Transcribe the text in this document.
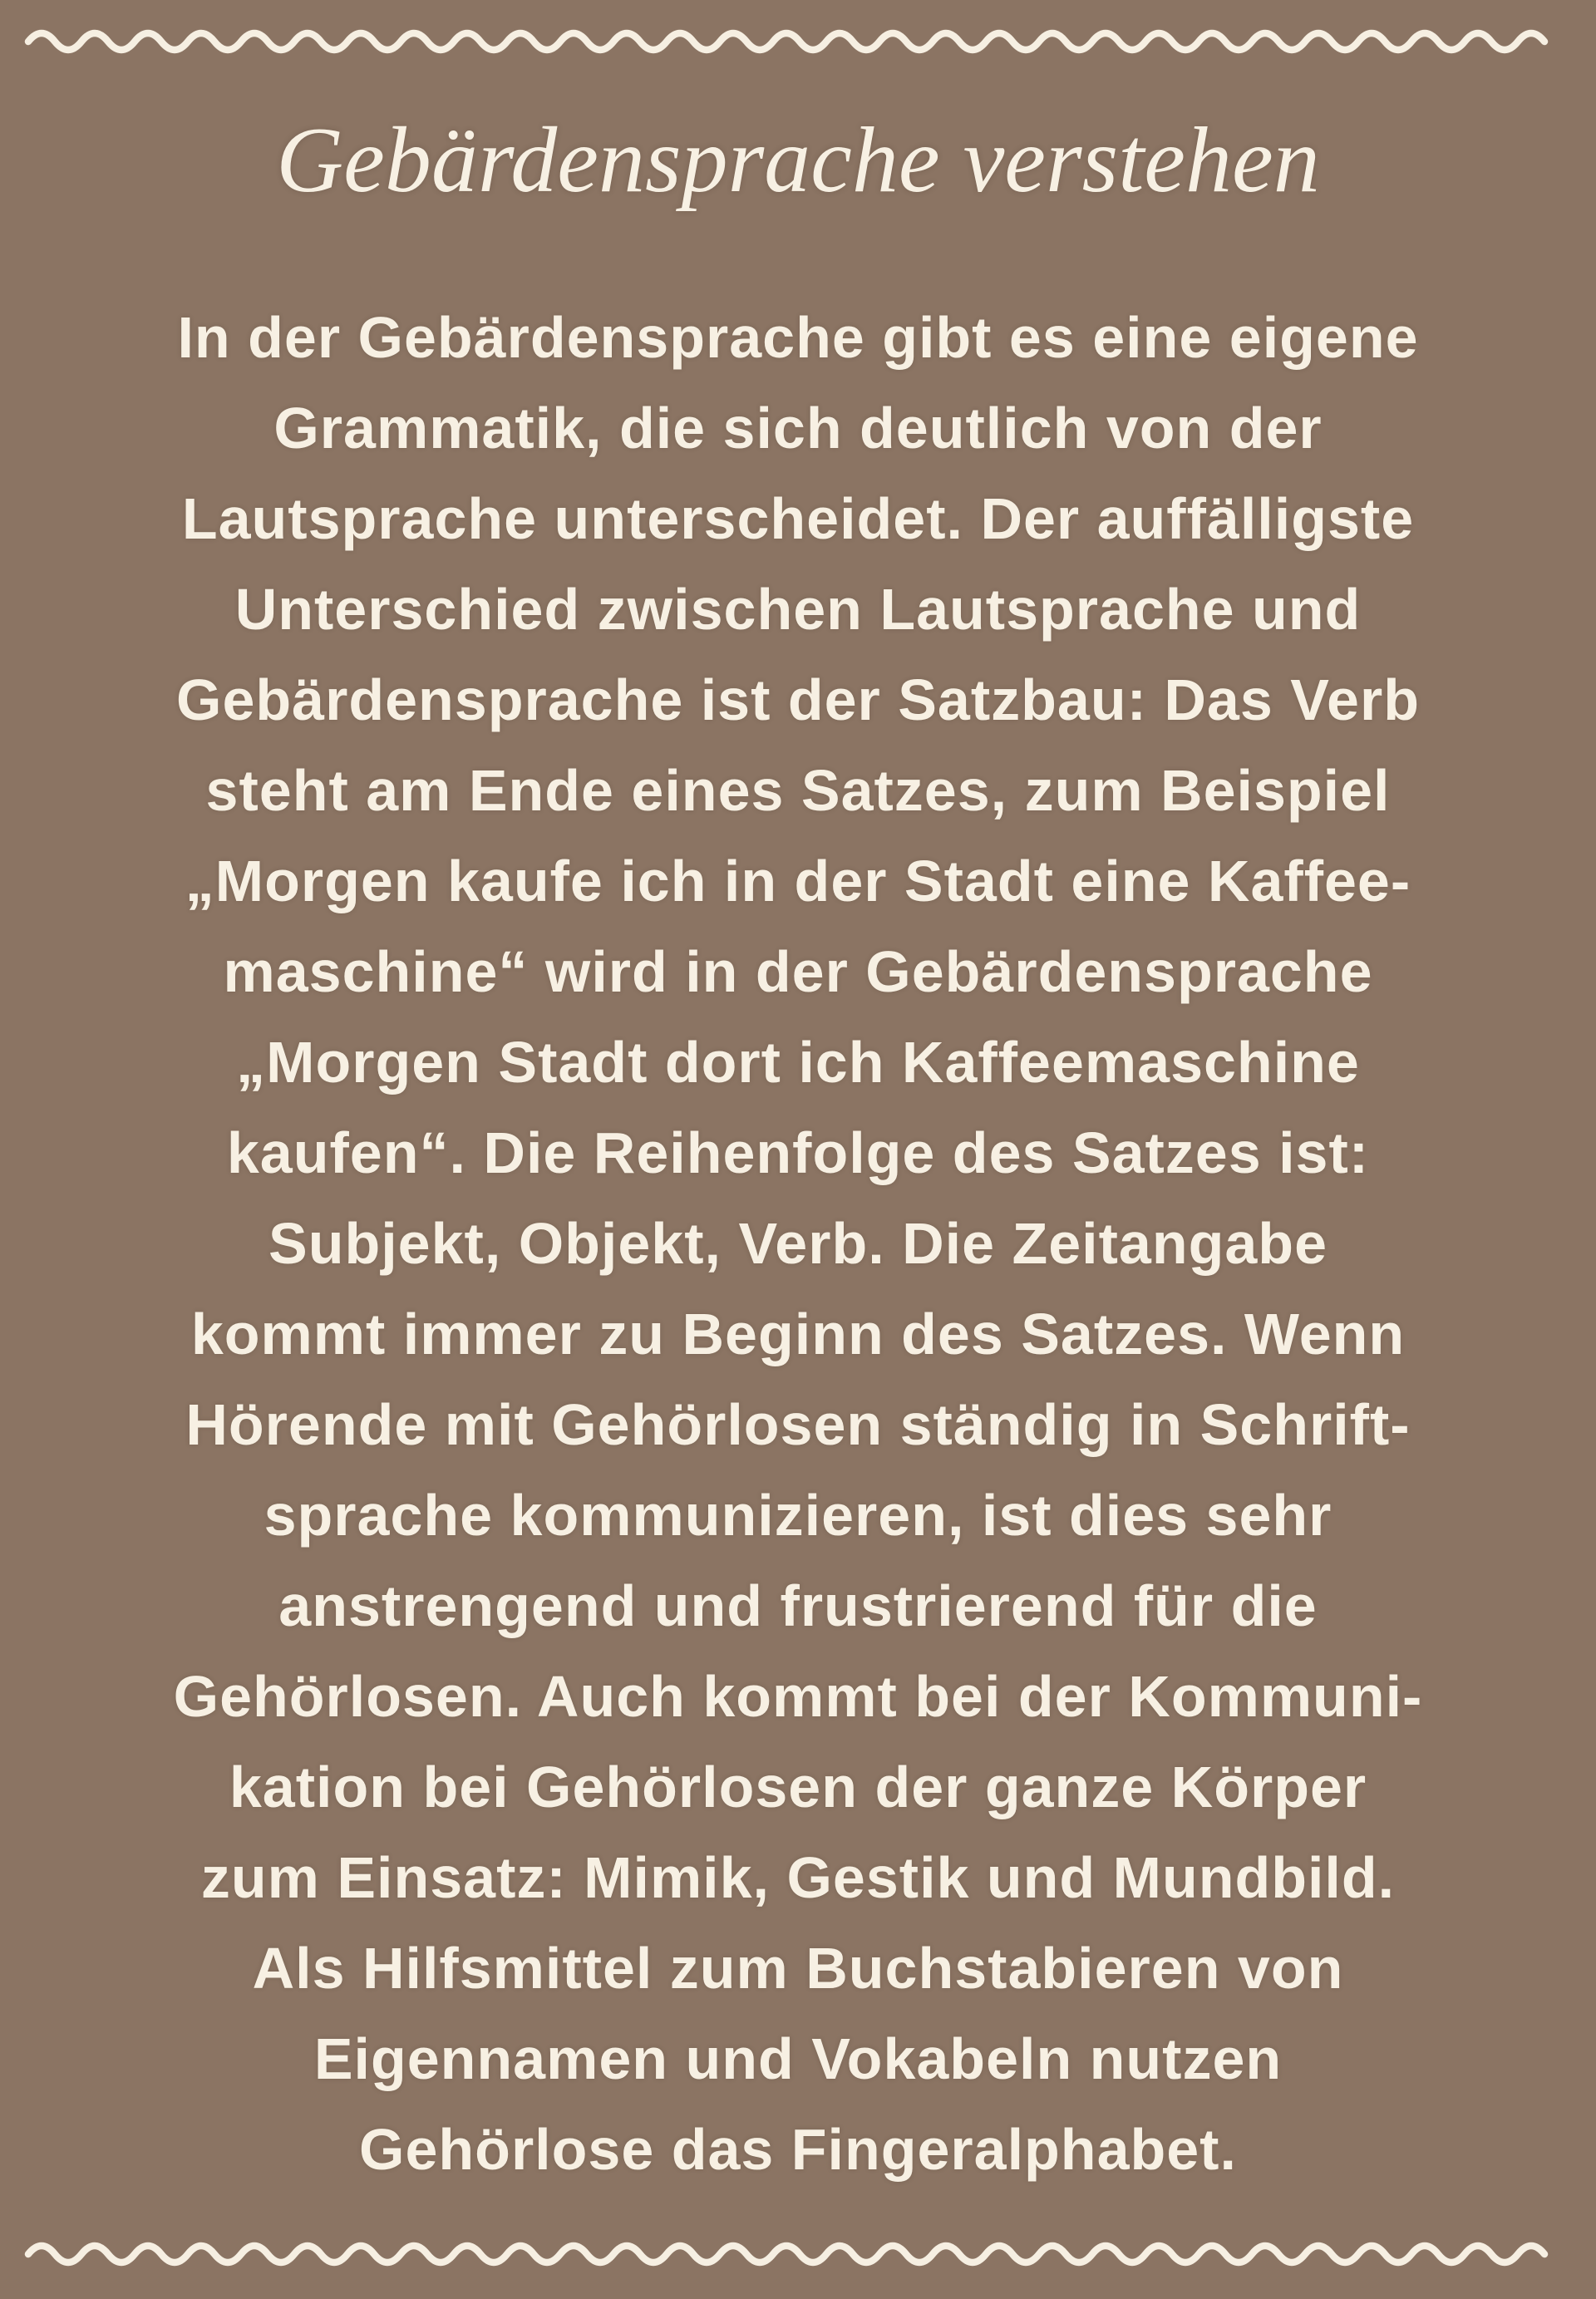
Gebärdensprache verstehen
In der Gebärdensprache gibt es eine eigene
Grammatik, die sich deutlich von der
Lautsprache unterscheidet. Der auffälligste
Unterschied zwischen Lautsprache und
Gebärdensprache ist der Satzbau: Das Verb
steht am Ende eines Satzes, zum Beispiel
„Morgen kaufe ich in der Stadt eine Kaffee-
maschine“ wird in der Gebärdensprache
„Morgen Stadt dort ich Kaffeemaschine
kaufen“. Die Reihenfolge des Satzes ist:
Subjekt, Objekt, Verb. Die Zeitangabe
kommt immer zu Beginn des Satzes. Wenn
Hörende mit Gehörlosen ständig in Schrift-
sprache kommunizieren, ist dies sehr
anstrengend und frustrierend für die
Gehörlosen. Auch kommt bei der Kommuni-
kation bei Gehörlosen der ganze Körper
zum Einsatz: Mimik, Gestik und Mundbild.
Als Hilfsmittel zum Buchstabieren von
Eigennamen und Vokabeln nutzen
Gehörlose das Fingeralphabet.
